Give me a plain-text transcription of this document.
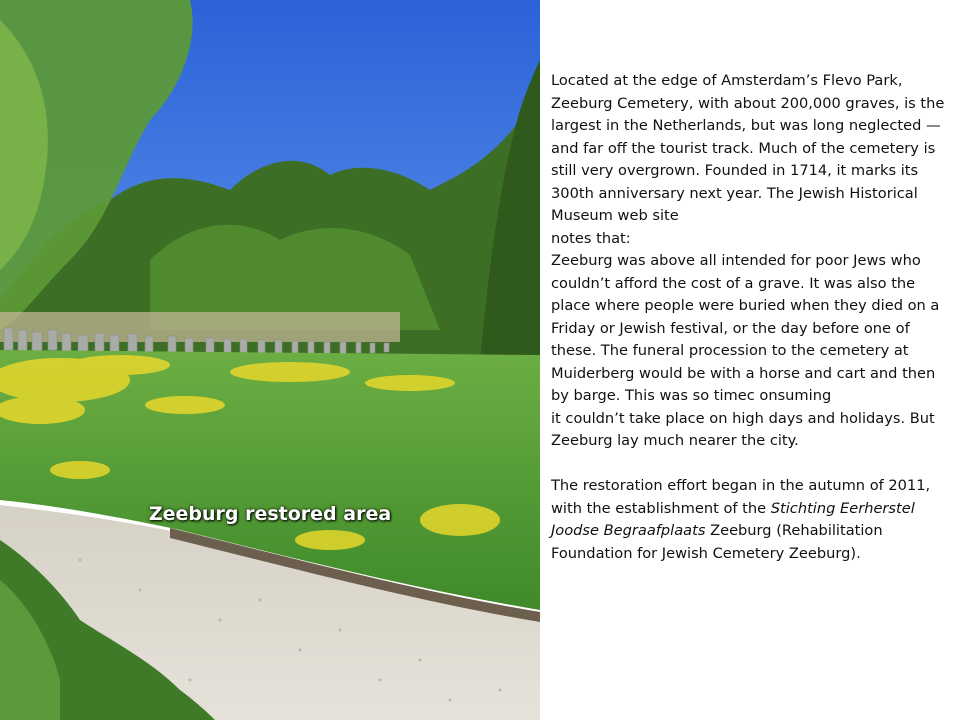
Zeeburg restored area

Located at the edge of Amsterdam’s Flevo Park, Zeeburg Cemetery, with about 200,000 graves, is the largest in the Netherlands, but was long neglected — and far off the tourist track. Much of the cemetery is still very overgrown. Founded in 1714, it marks its 300th anniversary next year. The Jewish Historical Museum web site

notes that:

Zeeburg was above all intended for poor Jews who couldn’t afford the cost of a grave. It was also the place where people were buried when they died on a Friday or Jewish festival, or the day before one of these. The funeral procession to the cemetery at Muiderberg would be with a horse and cart and then by barge. This was so timec onsuming

it couldn’t take place on high days and holidays. But Zeeburg lay much nearer the city.

The restoration effort began in the autumn of 2011, with the establishment of the Stichting Eerherstel Joodse Begraafplaats Zeeburg (Rehabilitation Foundation for Jewish Cemetery Zeeburg).
